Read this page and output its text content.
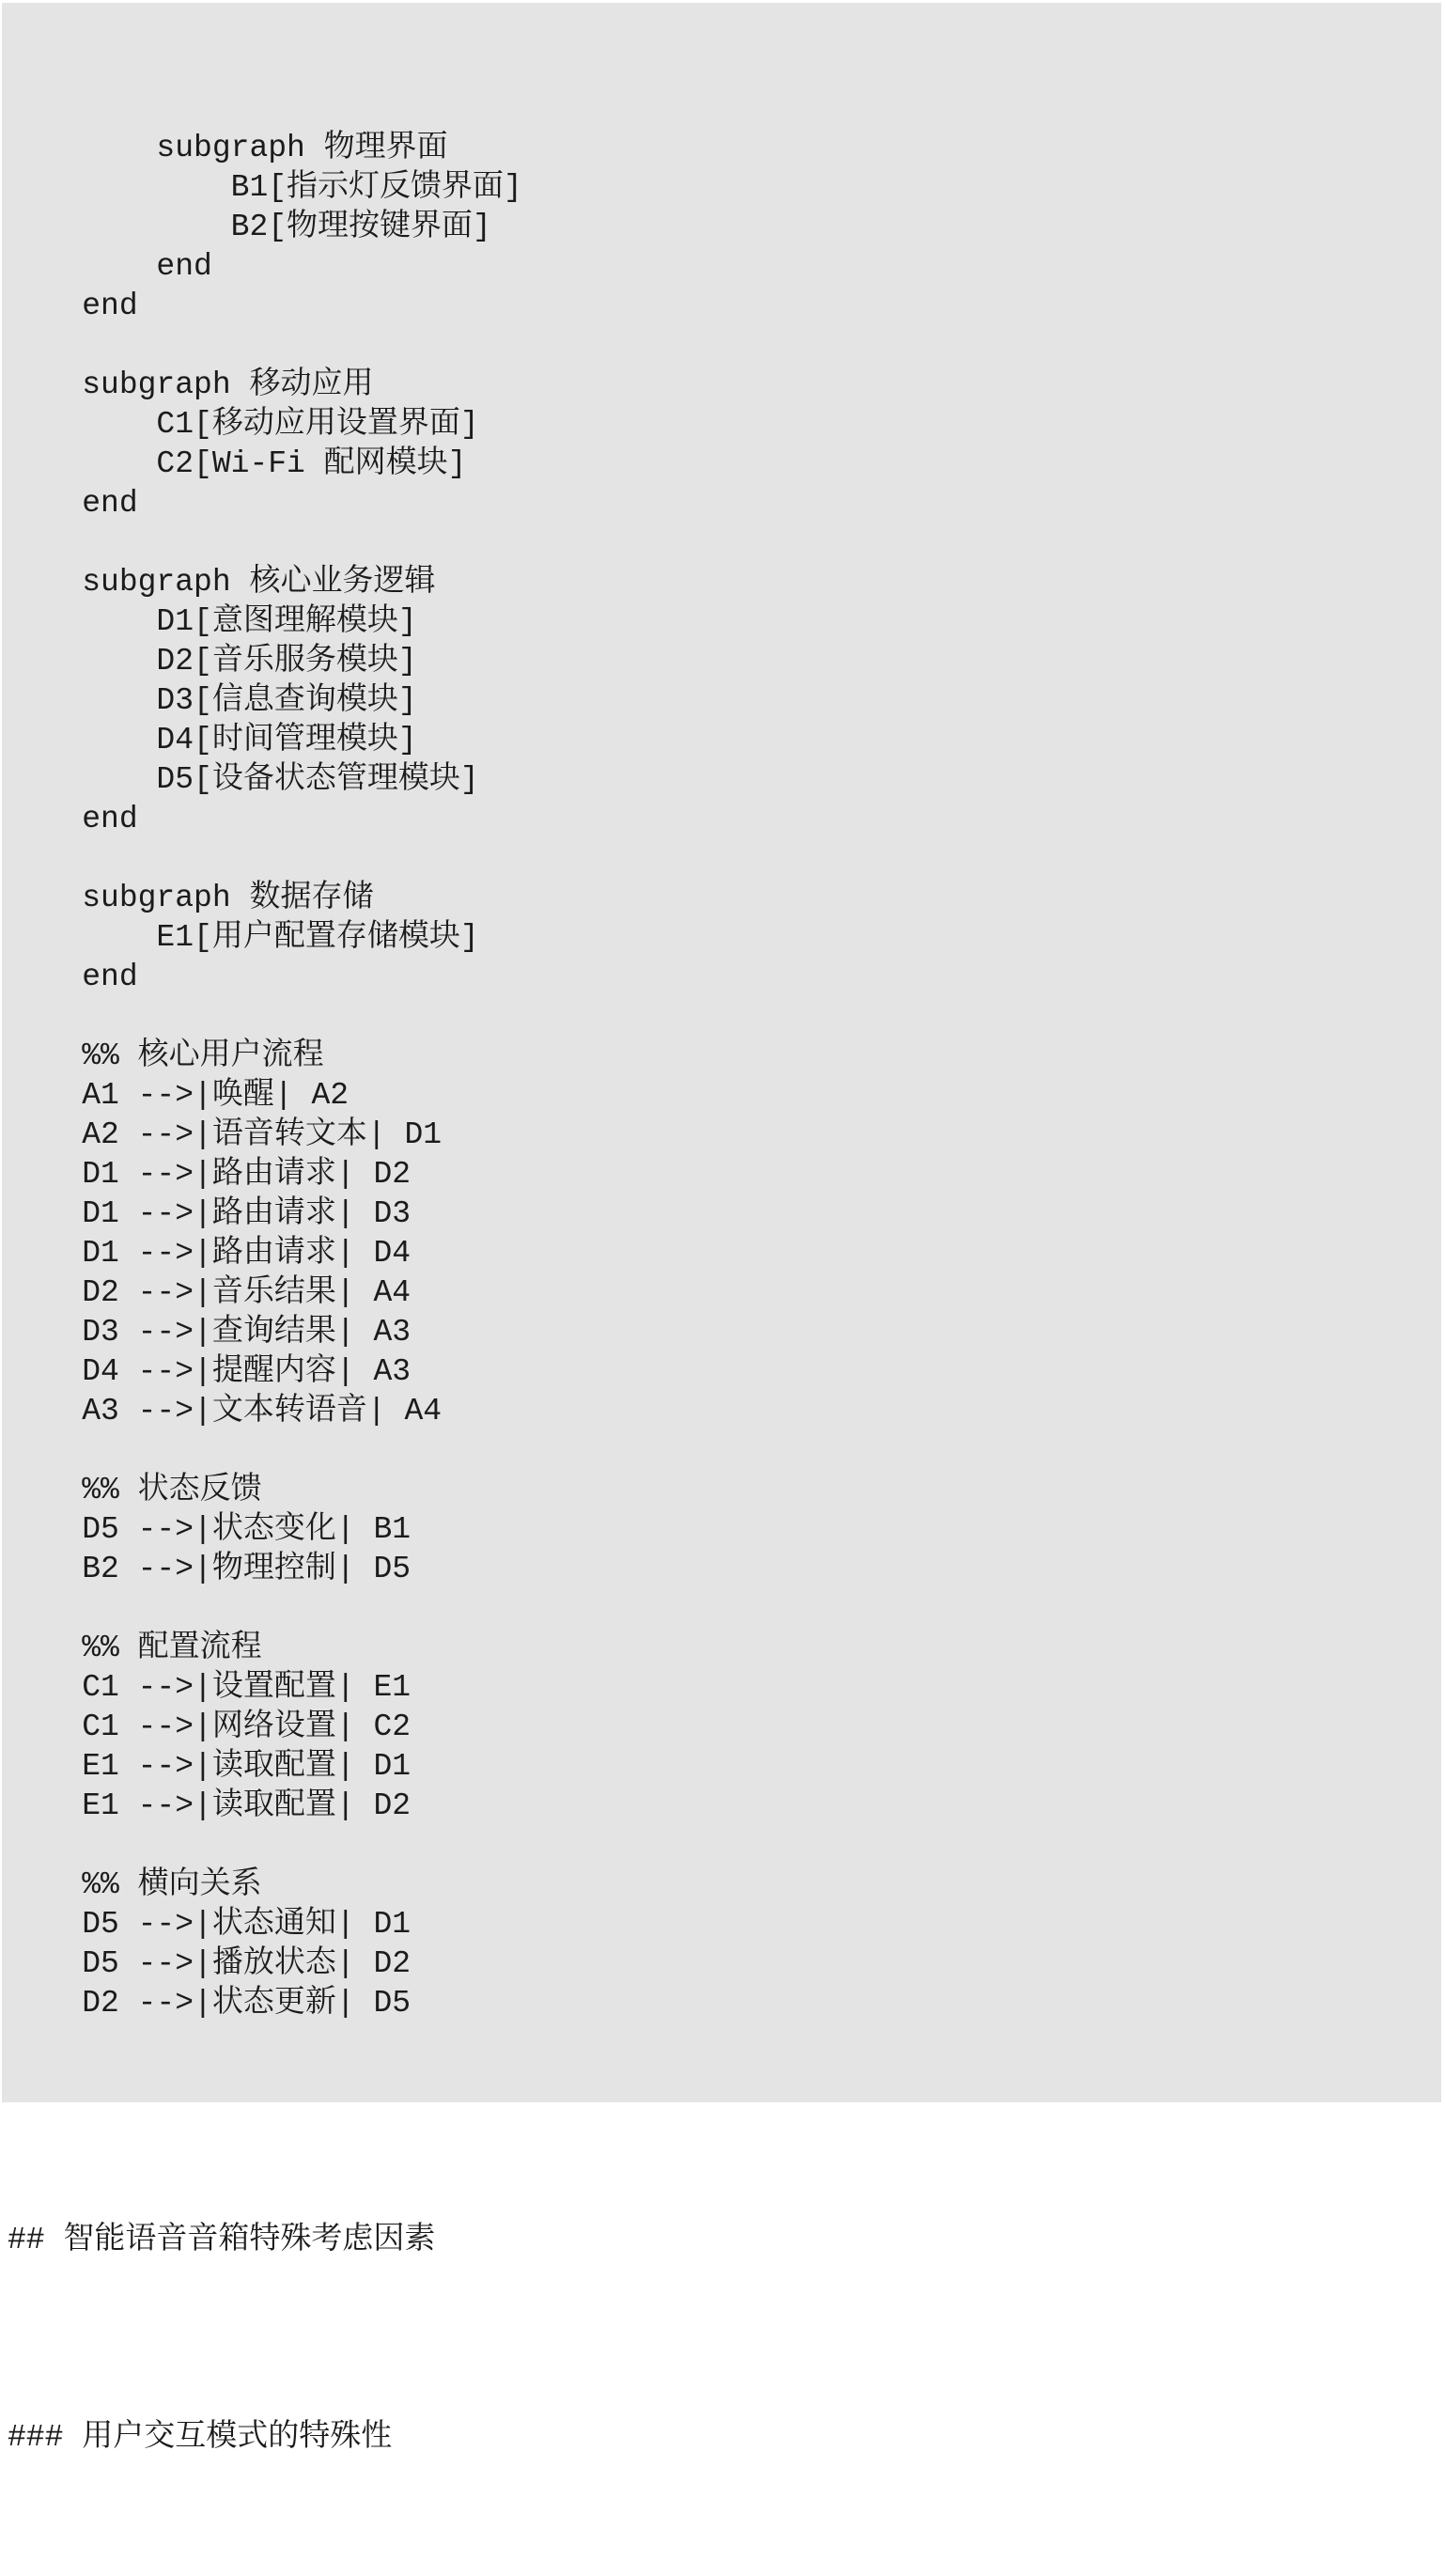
subgraph 物理界面
B1[指示灯反馈界面]
B2[物理按键界面]
end
end

subgraph 移动应用
C1[移动应用设置界面]
C2[Wi-Fi 配网模块]
end

subgraph 核心业务逻辑
D1[意图理解模块]
D2[音乐服务模块]
D3[信息查询模块]
D4[时间管理模块]
D5[设备状态管理模块]
end

subgraph 数据存储
E1[用户配置存储模块]
end

%% 核心用户流程
A1 -->|唤醒| A2
A2 -->|语音转文本| D1
D1 -->|路由请求| D2
D1 -->|路由请求| D3
D1 -->|路由请求| D4
D2 -->|音乐结果| A4
D3 -->|查询结果| A3
D4 -->|提醒内容| A3
A3 -->|文本转语音| A4

%% 状态反馈
D5 -->|状态变化| B1
B2 -->|物理控制| D5

%% 配置流程
C1 -->|设置配置| E1
C1 -->|网络设置| C2
E1 -->|读取配置| D1
E1 -->|读取配置| D2

%% 横向关系
D5 -->|状态通知| D1
D5 -->|播放状态| D2
D2 -->|状态更新| D5

## 智能语音音箱特殊考虑因素

### 用户交互模式的特殊性
